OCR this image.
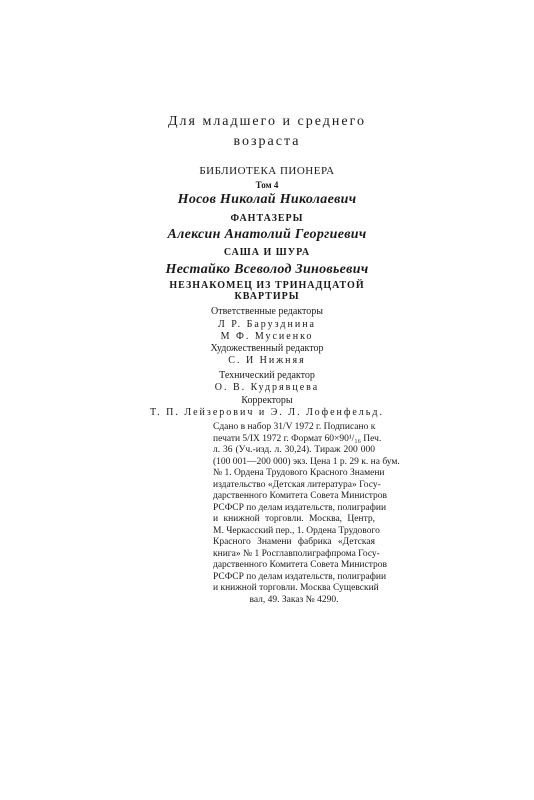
Для младшего и среднего
возраста
БИБЛИОТЕКА ПИОНЕРА
Том 4
Носов Николай Николаевич
ФАНТАЗЕРЫ
Алексин Анатолий Георгиевич
САША И ШУРА
Нестайко Всеволод Зиновьевич
НЕЗНАКОМЕЦ ИЗ ТРИНАДЦАТОЙ
КВАРТИРЫ
Ответственные редакторы
Л Р. Барузднина
М Ф. Мусиенко
Художественный редактор
С. И Нижняя
Технический редактор
О. В. Кудрявцева
Корректоры
Т. П. Лейзерович и Э. Л. Лофенфельд.
Сдано в набор 31/V 1972 г. Подписано к
печати 5/IX 1972 г. Формат 60×90¹/₁₆ Печ.
л. 36 (Уч.-изд. л. 30,24). Тираж 200 000
(100 001—200 000) экз. Цена 1 р. 29 к. на бум.
№ 1. Ордена Трудового Красного Знамени
издательство «Детская литература» Госу-
дарственного Комитета Совета Министров
РСФСР по делам издательств, полиграфии
и книжной торговли. Москва, Центр,
М. Черкасский пер., 1. Ордена Трудового
Красного Знамени фабрика «Детская
книга» № 1 Росглавполиграфпрома Госу-
дарственного Комитета Совета Министров
РСФСР по делам издательств, полиграфии
и книжной торговли. Москва Сущевский
вал, 49. Заказ № 4290.
